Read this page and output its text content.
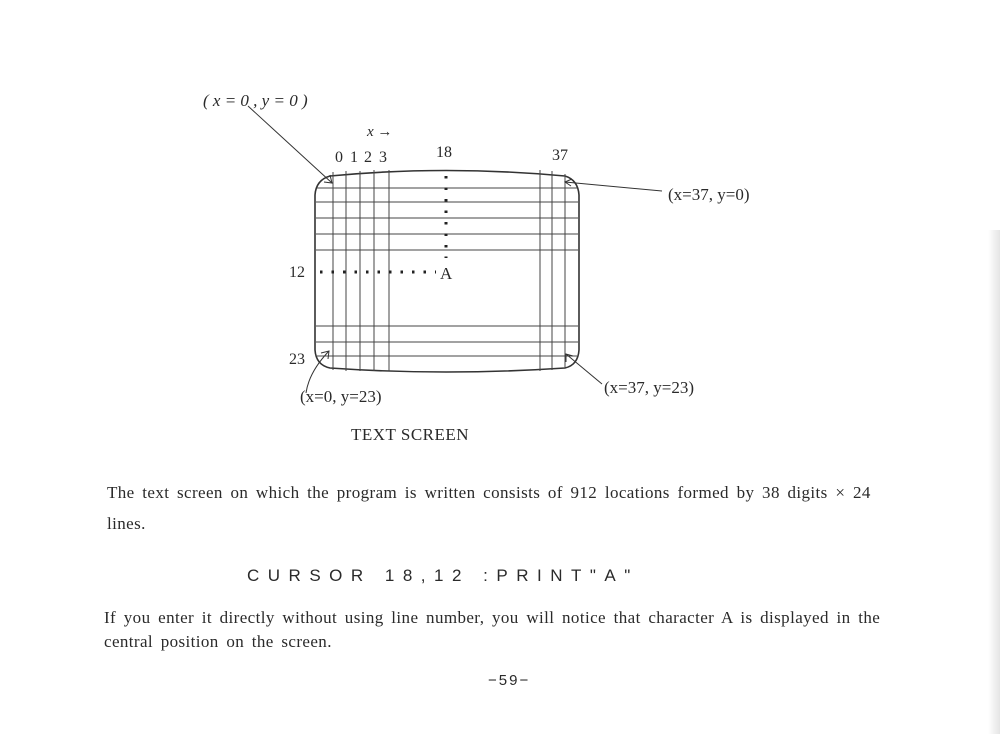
( x = 0 , y = 0 )
x →
0 1 2 3	18	37
12
23
A
(x=37, y=0)
(x=0, y=23)	(x=37, y=23)
TEXT SCREEN

The text screen on which the program is written consists of 912 locations formed by 38 digits × 24 lines.

CURSOR 18,12 :PRINT"A"

If you enter it directly without using line number, you will notice that character A is displayed in the central position on the screen.

−59−
